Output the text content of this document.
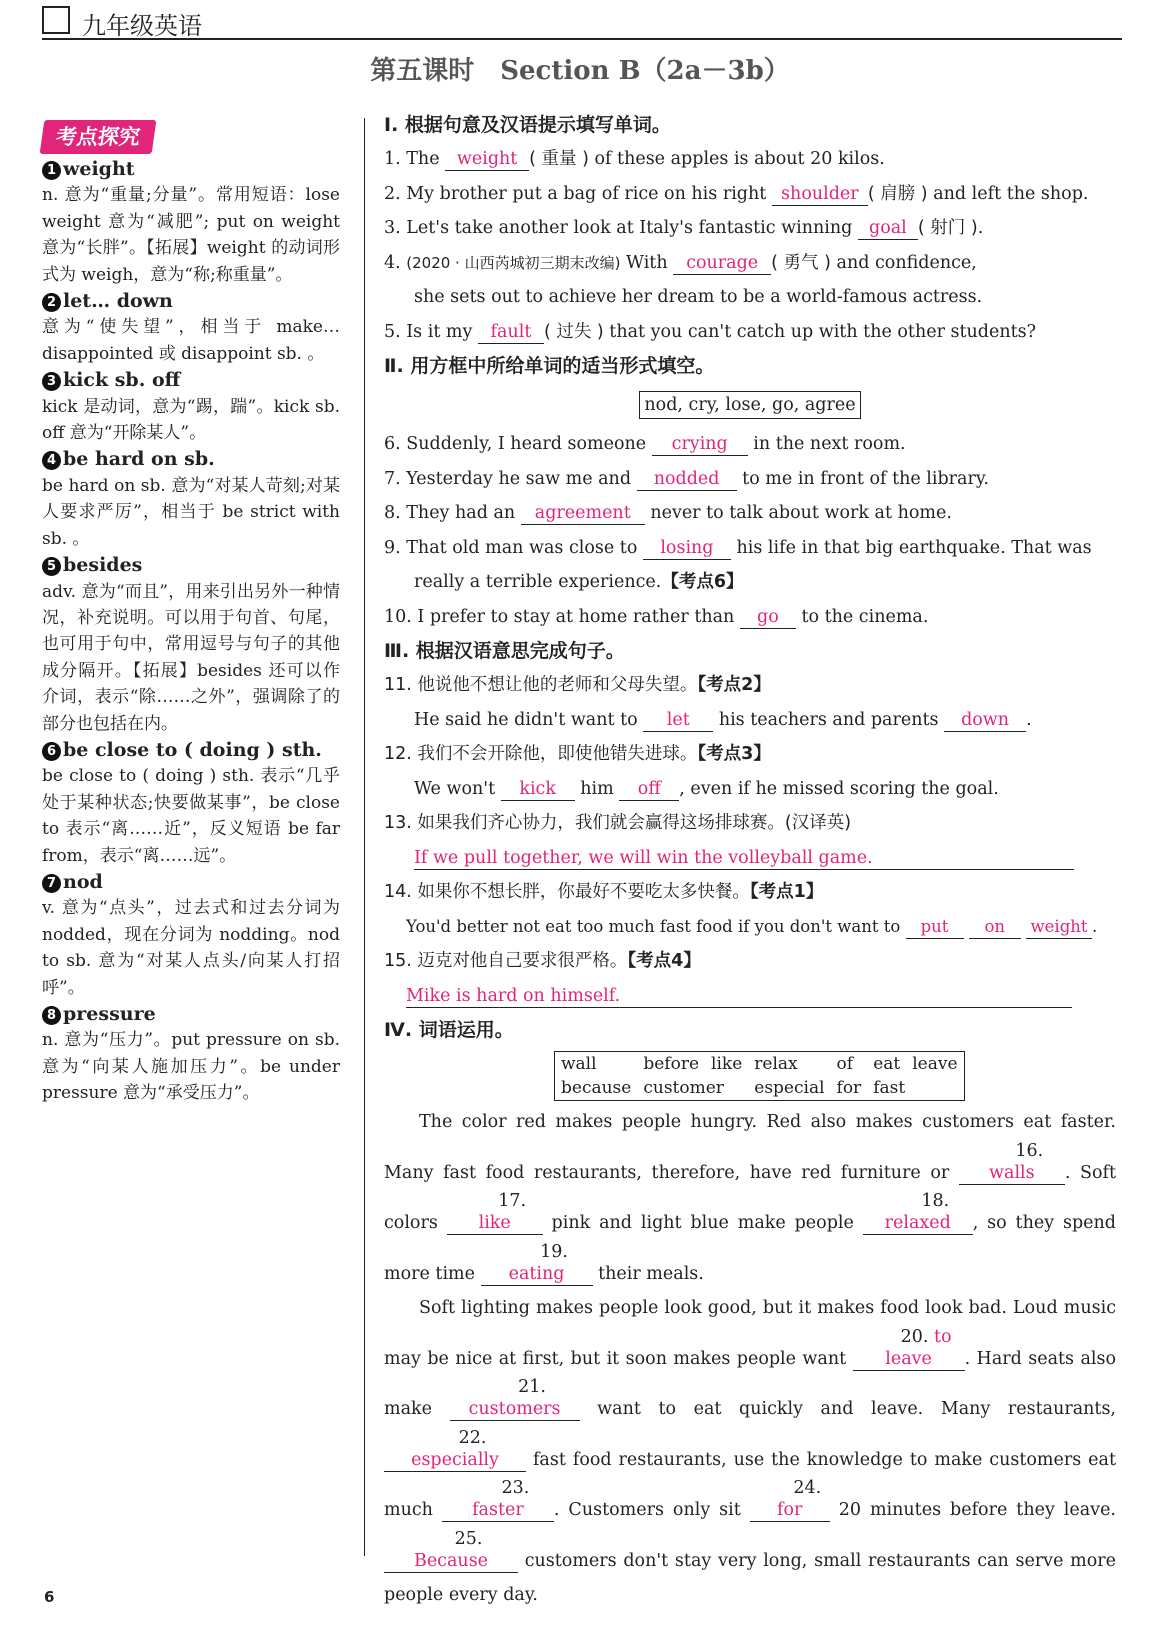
九年级英语
第五课时　Section B（2a－3b）
考点探究
1 weight

n. 意为“重量;分量”。常用短语：lose weight 意为“减肥”; put on weight 意为“长胖”。【拓展】weight 的动词形式为 weigh，意为“称;称重量”。

2 let… down

意为“使失望”，相当于 make… disappointed 或 disappoint sb. 。

3 kick sb. off

kick 是动词，意为“踢，踹”。kick sb. off 意为“开除某人”。

4 be hard on sb.

be hard on sb. 意为“对某人苛刻;对某人要求严厉”，相当于 be strict with sb. 。

5 besides

adv. 意为“而且”，用来引出另外一种情况，补充说明。可以用于句首、句尾，也可用于句中，常用逗号与句子的其他成分隔开。【拓展】besides 还可以作介词，表示“除……之外”，强调除了的部分也包括在内。

6 be close to ( doing ) sth.

be close to ( doing ) sth. 表示“几乎处于某种状态;快要做某事”，be close to 表示“离……近”，反义短语 be far from，表示“离……远”。

7 nod

v. 意为“点头”，过去式和过去分词为 nodded，现在分词为 nodding。nod to sb. 意为“对某人点头/向某人打招呼”。

8 pressure

n. 意为“压力”。put pressure on sb. 意为“向某人施加压力”。be under pressure 意为“承受压力”。

Ⅰ. 根据句意及汉语提示填写单词。
1. The weight ( 重量 ) of these apples is about 20 kilos.
2. My brother put a bag of rice on his right shoulder ( 肩膀 ) and left the shop.
3. Let's take another look at Italy's fantastic winning goal ( 射门 ).
4. (2020 · 山西芮城初三期末改编) With courage ( 勇气 ) and confidence,
she sets out to achieve her dream to be a world-famous actress.
5. Is it my fault ( 过失 ) that you can't catch up with the other students?
Ⅱ. 用方框中所给单词的适当形式填空。
nod, cry, lose, go, agree
6. Suddenly, I heard someone crying in the next room.
7. Yesterday he saw me and nodded to me in front of the library.
8. They had an agreement never to talk about work at home.
9. That old man was close to losing his life in that big earthquake. That was
really a terrible experience.【考点6】
10. I prefer to stay at home rather than go to the cinema.
Ⅲ. 根据汉语意思完成句子。
11. 他说他不想让他的老师和父母失望。【考点2】
He said he didn't want to let his teachers and parents down .
12. 我们不会开除他，即使他错失进球。【考点3】
We won't kick him off , even if he missed scoring the goal.
13. 如果我们齐心协力，我们就会赢得这场排球赛。(汉译英)
If we pull together, we will win the volleyball game.
14. 如果你不想长胖，你最好不要吃太多快餐。【考点1】
You'd better not eat too much fast food if you don't want to put on weight .
15. 迈克对他自己要求很严格。【考点4】
Mike is hard on himself.
Ⅳ. 词语运用。
wall	before	like	relax	of	eat	leave
because	customer		especial	for	fast	
The color red makes people hungry. Red also makes customers eat faster. Many fast food restaurants, therefore, have red furniture or 16. walls . Soft colors 17. like pink and light blue make people 18. relaxed , so they spend more time 19. eating their meals.
Soft lighting makes people look good, but it makes food look bad. Loud music may be nice at first, but it soon makes people want 20. to leave . Hard seats also make 21. customers want to eat quickly and leave. Many restaurants, 22. especially fast food restaurants, use the knowledge to make customers eat much 23. faster . Customers only sit 24. for 20 minutes before they leave. 25. Because customers don't stay very long, small restaurants can serve more people every day.
6
